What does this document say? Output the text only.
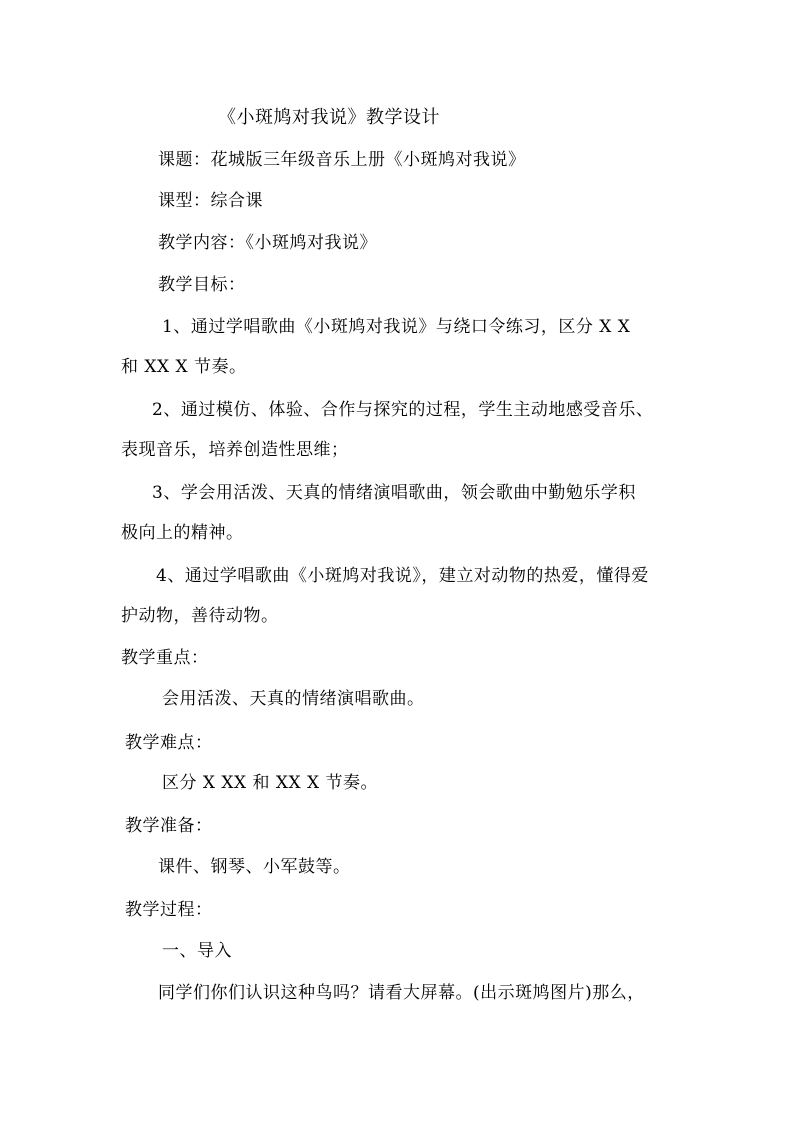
《小斑鸠对我说》教学设计
课题：花城版三年级音乐上册《小斑鸠对我说》
课型：综合课
教学内容：《小斑鸠对我说》
教学目标：
1、通过学唱歌曲《小斑鸠对我说》与绕口令练习，区分 X X
和 XX X 节奏。
2、通过模仿、体验、合作与探究的过程，学生主动地感受音乐、
表现音乐，培养创造性思维；
3、学会用活泼、天真的情绪演唱歌曲，领会歌曲中勤勉乐学积
极向上的精神。
4、通过学唱歌曲《小斑鸠对我说》，建立对动物的热爱，懂得爱
护动物，善待动物。
教学重点：
会用活泼、天真的情绪演唱歌曲。
教学难点：
区分 X XX 和 XX X 节奏。
教学准备：
课件、钢琴、小军鼓等。
教学过程：
一、导入
同学们你们认识这种鸟吗？请看大屏幕。(出示斑鸠图片)那么，
